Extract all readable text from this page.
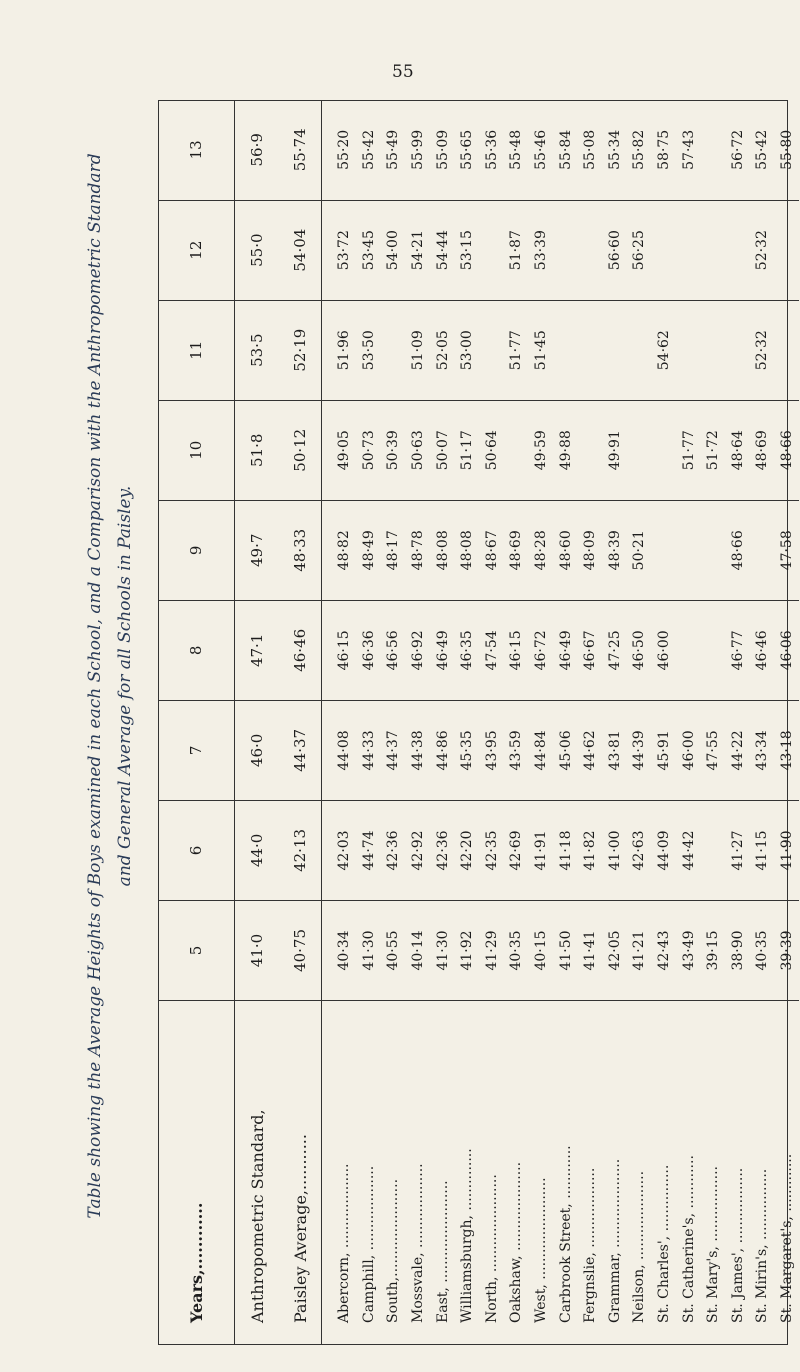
55
Table showing the Average Heights of Boys examined in each School, and a Comparison with the Anthropometric Standard and General Average for all Schools in Paisley.
Years,............	5	6	7	8	9	10	11	12	13
Anthropometric Standard,	41·0	44·0	46·0	47·1	49·7	51·8	53·5	55·0	56·9
Paisley Average,...........	40·75	42·13	44·37	46·46	48·33	50·12	52·19	54·04	55·74

Abercorn, ...................	40·34	42·03	44·08	46·15	48·82	49·05	51·96	53·72	55·20
Camphill, ...................	41·30	44·74	44·33	46·36	48·49	50·73	53·50	53·45	55·42
South,......................	40·55	42·36	44·37	46·56	48·17	50·39		54·00	55·49
Mossvale, ...................	40·14	42·92	44·38	46·92	48·78	50·63	51·09	54·21	55·99
East, .......................	41·30	42·36	44·86	46·49	48·08	50·07	52·05	54·44	55·09
Williamsburgh, ..............	41·92	42·20	45·35	46·35	48·08	51·17	53·00	53·15	55·65
North, ......................	41·29	42·35	43·95	47·54	48·67	50·64			55·36
Oakshaw, ....................	40·35	42·69	43·59	46·15	48·69		51·77	51·87	55·48
West, .......................	40·15	41·91	44·84	46·72	48·28	49·59	51·45	53·39	55·46
Carbrook Street, ............	41·50	41·18	45·06	46·49	48·60	49·88			55·84
Fergnslie, ..................	41·41	41·82	44·62	46·67	48·09				55·08
Grammar, ....................	42·05	41·00	43·81	47·25	48·39	49·91		56·60	55·34
Neilson, ....................	41·21	42·63	44·39	46·50	50·21			56·25	55·82
St. Charles', ...............	42·43	44·09	45·91	46·00			54·62		58·75
St. Catherine's, ............	43·49	44·42	46·00			51·77			57·43
St. Mary's, .................	39·15		47·55			51·72			
St. James', .................	38·90	41·27	44·22	46·77	48·66	48·64			56·72
St. Mirin's, ................	40·35	41·15	43·34	46·46		48·69	52·32	52·32	55·42
St. Margaret's, .............	39·39	41·90	43·18	46·06	47·58	48·66			55·80
